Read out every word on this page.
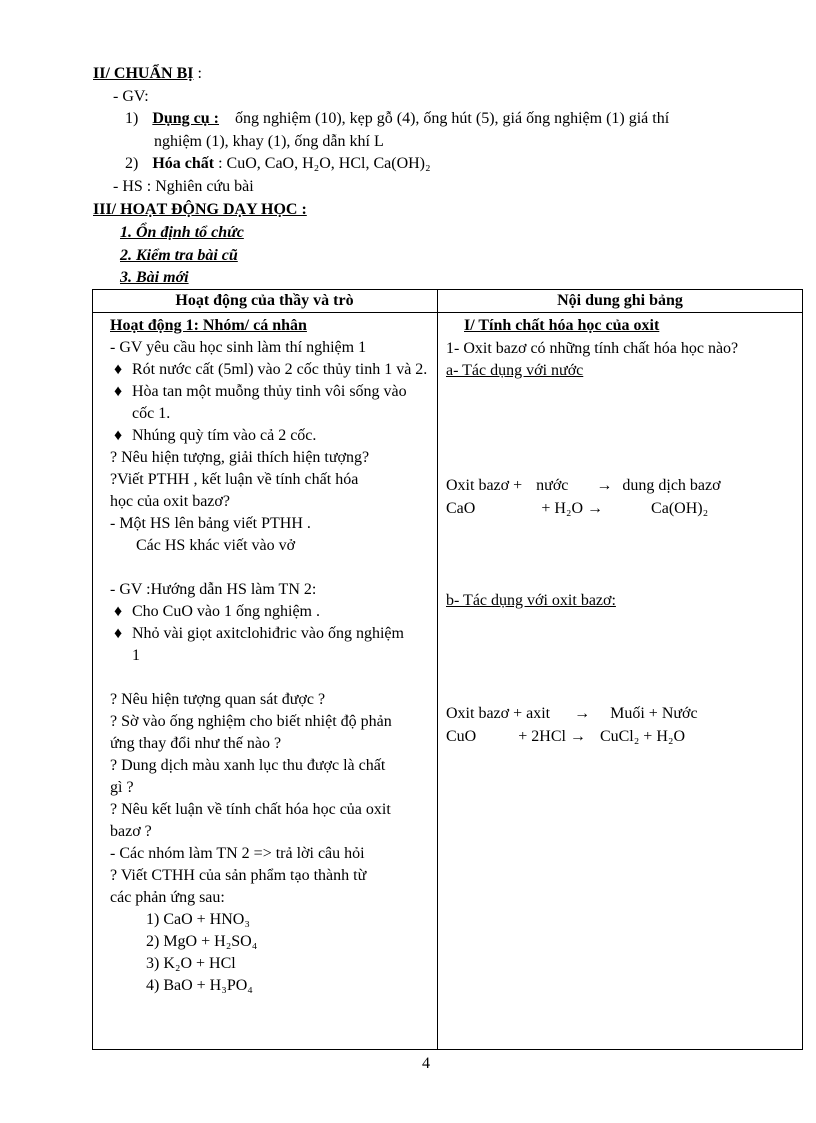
II/ CHUẨN BỊ :
- GV:
1) Dụng cụ : ống nghiệm (10), kẹp gỗ (4), ống hút (5), giá ống nghiệm (1) giá thí
nghiệm (1), khay (1), ống dẫn khí L
2) Hóa chất : CuO, CaO, H₂O, HCl, Ca(OH)₂
- HS : Nghiên cứu bài
III/ HOẠT ĐỘNG DẠY HỌC :
1. Ổn định tổ chức
2. Kiểm tra bài cũ
3. Bài mới
Hoạt động của thầy và trò	Nội dung ghi bảng
Hoạt động 1: Nhóm/ cá nhân
- GV yêu cầu học sinh làm thí nghiệm 1
♦ Rót nước cất (5ml) vào 2 cốc thủy tinh 1 và 2.
♦ Hòa tan một muỗng thủy tinh vôi sống vào cốc 1.
♦ Nhúng quỳ tím vào cả 2 cốc.
? Nêu hiện tượng, giải thích hiện tượng?
?Viết PTHH , kết luận về tính chất hóa
học của oxit bazơ?
- Một HS lên bảng viết PTHH .
Các HS khác viết vào vở
- GV :Hướng dẫn HS làm TN 2:
♦ Cho CuO vào 1 ống nghiệm .
♦ Nhỏ vài giọt axitclohiđric vào ống nghiệm 1
? Nêu hiện tượng quan sát được ?
? Sờ vào ống nghiệm cho biết nhiệt độ phản
ứng thay đổi như thế nào ?
? Dung dịch màu xanh lục thu được là chất
gì ?
? Nêu kết luận về tính chất hóa học của oxit
bazơ ?
- Các nhóm làm TN 2 => trả lời câu hỏi
? Viết CTHH của sản phẩm tạo thành từ
các phản ứng sau:
1) CaO + HNO₃
2) MgO + H₂SO₄
3) K₂O + HCl
4) BaO + H₃PO₄
I/ Tính chất hóa học của oxit
1- Oxit bazơ có những tính chất hóa học nào?
a- Tác dụng với nước
Oxit bazơ + nước → dung dịch bazơ
CaO	+ H₂O →	Ca(OH)₂
b- Tác dụng với oxit bazơ:
Oxit bazơ + axit → Muối + Nước
CuO	+ 2HCl → CuCl₂ + H₂O
4
